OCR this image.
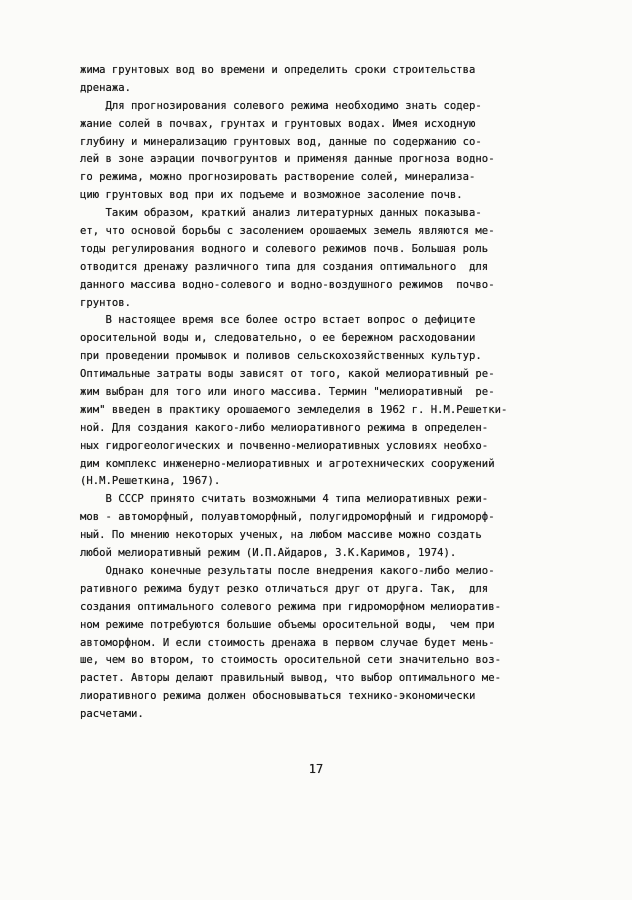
жима грунтовых вод во времени и определить сроки строительства
дренажа.
Для прогнозирования солевого режима необходимо знать содер-
жание солей в почвах, грунтах и грунтовых водах. Имея исходную
глубину и минерализацию грунтовых вод, данные по содержанию со-
лей в зоне аэрации почвогрунтов и применяя данные прогноза водно-
го режима, можно прогнозировать растворение солей, минерализа-
цию грунтовых вод при их подъеме и возможное засоление почв.
Таким образом, краткий анализ литературных данных показыва-
ет, что основой борьбы с засолением орошаемых земель являются ме-
тоды регулирования водного и солевого режимов почв. Большая роль
отводится дренажу различного типа для создания оптимального  для
данного массива водно-солевого и водно-воздушного режимов  почво-
грунтов.
В настоящее время все более остро встает вопрос о дефиците
оросительной воды и, следовательно, о ее бережном расходовании
при проведении промывок и поливов сельскохозяйственных культур.
Оптимальные затраты воды зависят от того, какой мелиоративный ре-
жим выбран для того или иного массива. Термин "мелиоративный  ре-
жим" введен в практику орошаемого земледелия в 1962 г. Н.М.Решетки-
ной. Для создания какого-либо мелиоративного режима в определен-
ных гидрогеологических и почвенно-мелиоративных условиях необхо-
дим комплекс инженерно-мелиоративных и агротехнических сооружений
(Н.М.Решеткина, 1967).
В СССР принято считать возможными 4 типа мелиоративных режи-
мов - автоморфный, полуавтоморфный, полугидроморфный и гидроморф-
ный. По мнению некоторых ученых, на любом массиве можно создать
любой мелиоративный режим (И.П.Айдаров, З.К.Каримов, 1974).
Однако конечные результаты после внедрения какого-либо мелио-
ративного режима будут резко отличаться друг от друга. Так,  для
создания оптимального солевого режима при гидроморфном мелиоратив-
ном режиме потребуются большие объемы оросительной воды,  чем при
автоморфном. И если стоимость дренажа в первом случае будет мень-
ше, чем во втором, то стоимость оросительной сети значительно воз-
растет. Авторы делают правильный вывод, что выбор оптимального ме-
лиоративного режима должен обосновываться технико-экономически
расчетами.
17
